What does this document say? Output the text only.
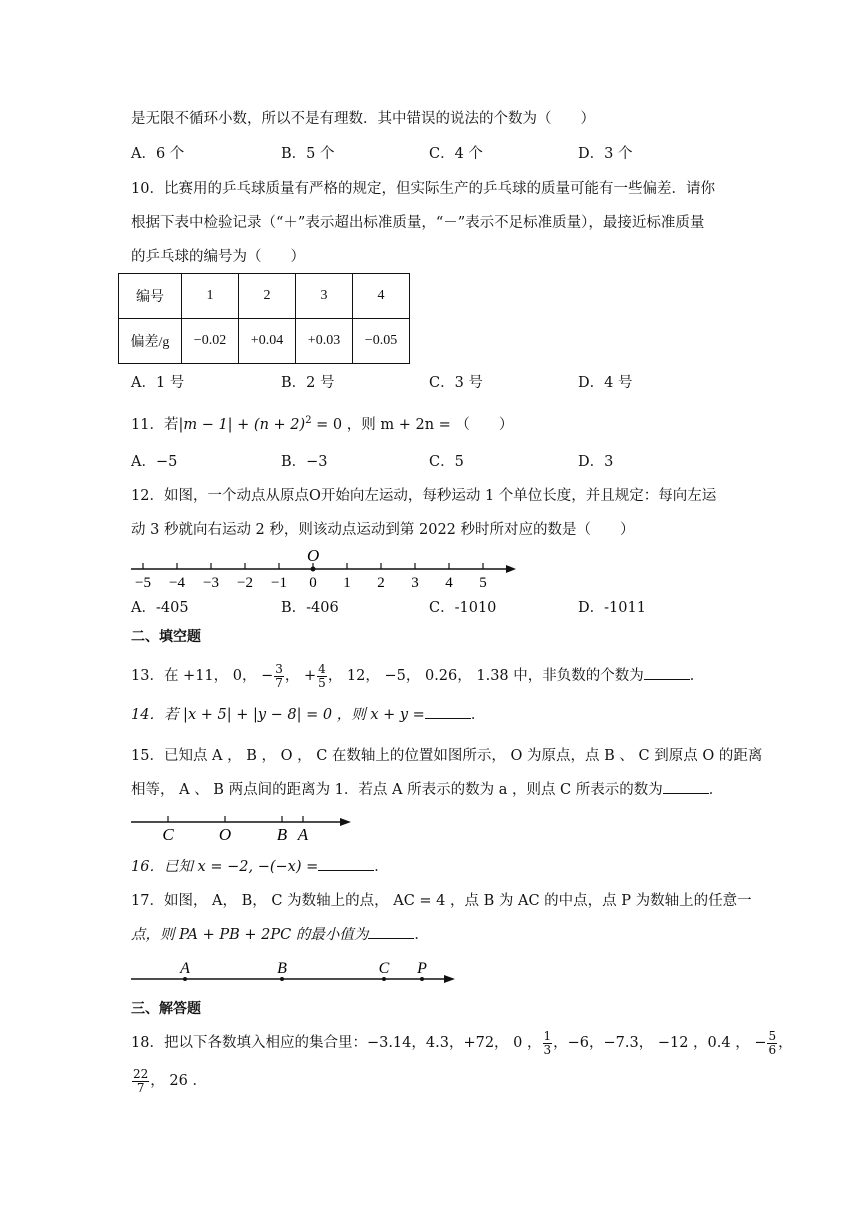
是无限不循环小数，所以不是有理数．其中错误的说法的个数为（　　）
A．6 个	B．5 个	C．4 个	D．3 个
10．比赛用的乒乓球质量有严格的规定，但实际生产的乒乓球的质量可能有一些偏差．请你
根据下表中检验记录（“＋”表示超出标准质量，“－”表示不足标准质量），最接近标准质量
的乒乓球的编号为（　　）
编号	1	2	3	4
偏差/g	−0.02	+0.04	+0.03	−0.05
A．1 号	B．2 号	C．3 号	D．4 号
11．若$|m - 1| + (n + 2)^2 = 0$ ，则 m + 2n = （　　）
A．−5	B．−3	C．5	D．3
12．如图，一个动点从原点O开始向左运动，每秒运动 1 个单位长度，并且规定：每向左运
动 3 秒就向右运动 2 秒，则该动点运动到第 2022 秒时所对应的数是（　　）
O
−5 −4 −3 −2 −1 0 1 2 3 4 5
A．-405	B．-406	C．-1010	D．-1011
二、填空题
13．在 +11， 0， − $\frac{3}{7}$ ， + $\frac{4}{5}$ ， 12， −5， 0.26， 1.38 中，非负数的个数为	．
14．若 |x + 5| + |y − 8| = 0 ，则 x + y =	．
15．已知点 A ， B ， O ， C 在数轴上的位置如图所示， O 为原点，点 B 、 C 到原点 O 的距离
相等， A 、 B 两点间的距离为 1．若点 A 所表示的数为 a ，则点 C 所表示的数为	．
C	O	B A
16．已知 x = −2, −(−x) =	．
17．如图， A， B， C 为数轴上的点， AC = 4 ，点 B 为 AC 的中点，点 P 为数轴上的任意一
点，则 PA + PB + 2PC 的最小值为	．
A	B	C P
三、解答题
18．把以下各数填入相应的集合里：−3.14，4.3，+72， 0 ， $\frac{1}{3}$ ，−6，−7.3， −12 ，0.4 ， − $\frac{5}{6}$ ，
$\frac{22}{7}$ ， 26 ．
